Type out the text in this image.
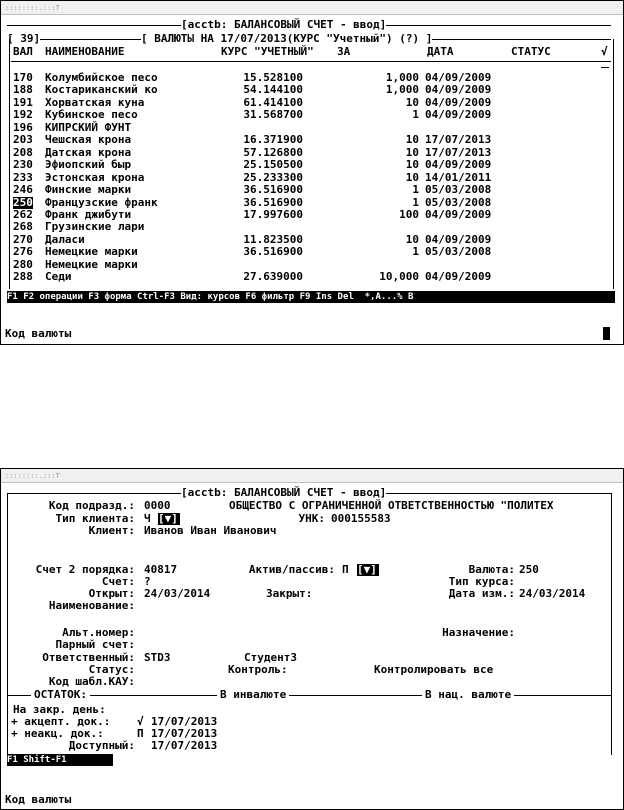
::::::::.:::T
[acctb: БАЛАНСОВЫЙ СЧЕТ - ввод]
[ 39]	[ ВАЛЮТЫ НА 17/07/2013(КУРС "Учетный") (?) ]
ВАЛ НАИМЕНОВАНИЕ	КУРС "УЧЕТНЫЙ" ЗА	ДАТА	СТАТУС	√
170 Колумбийское песо	15.528100	1,000 04/09/2009
188 Костариканский ко	54.144100	1,000 04/09/2009
191 Хорватская куна	61.414100	10 04/09/2009
192 Кубинское песо	31.568700	1 04/09/2009
196 КИПРСКИЙ ФУНТ
203 Чешская крона	16.371900	10 17/07/2013
208 Датская крона	57.126800	10 17/07/2013
230 Эфиопский быр	25.150500	10 04/09/2009
233 Эстонская крона	25.233300	10 14/01/2011
246 Финские марки	36.516900	1 05/03/2008
250 Французские франк	36.516900	1 05/03/2008
262 Франк джибути	17.997600	100 04/09/2009
268 Грузинские лари
270 Даласи	11.823500	10 04/09/2009
276 Немецкие марки	36.516900	1 05/03/2008
280 Немецкие марки
288 Седи	27.639000	10,000 04/09/2009
F1 F2 операции F3 форма Ctrl-F3 Вид: курсов F6 фильтр F9 Ins Del  *,A...% B
Код валюты
::::::::.:::T
[acctb: БАЛАНСОВЫЙ СЧЕТ - ввод]
Код подразд.: 0000	ОБЩЕСТВО С ОГРАНИЧЕННОЙ ОТВЕТСТВЕННОСТЬЮ "ПОЛИТЕХ
Тип клиента: Ч [▼]	УНК: 000155583
Клиент: Иванов Иван Иванович
Счет 2 порядка: 40817	Актив/пассив: П [▼]	Валюта: 250
Счет: ?	Тип курса:
Открыт: 24/03/2014	Закрыт:	Дата изм.: 24/03/2014
Наименование:
Альт.номер:	Назначение:
Парный счет:
Ответственный: STD3	Студент3
Статус:	Контроль:	Контролировать все
Код шабл.КАУ:
ОСТАТОК:	В инвалюте	В нац. валюте
На закр. день:
+ акцепт. док.: √ 17/07/2013
+ неакц. док.:	П 17/07/2013
Доступный: 17/07/2013
F1 Shift-F1
Код валюты
